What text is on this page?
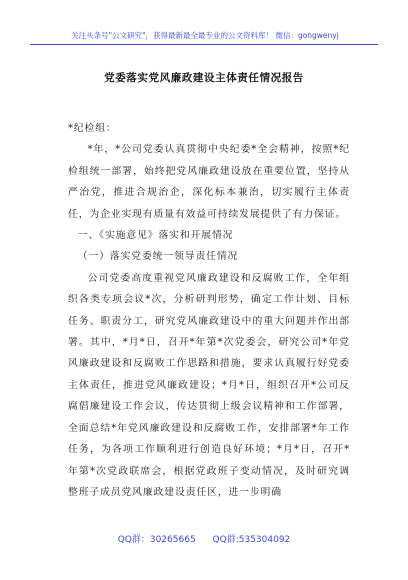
关注头条号"公文研究"，获得最新最全最专业的公文资料库！ 微信：gongwenyj
党委落实党风廉政建设主体责任情况报告

*纪检组：

*年，*公司党委认真贯彻中央纪委*全会精神，按照*纪检组统一部署，始终把党风廉政建设放在重要位置，坚持从严治党，推进合规治企，深化标本兼治，切实履行主体责任，为企业实现有质量有效益可持续发展提供了有力保证。

一、《实施意见》落实和开展情况

（一）落实党委统一领导责任情况

公司党委高度重视党风廉政建设和反腐败工作，全年组织各类专项会议*次，分析研判形势，确定工作计划、目标任务、职责分工，研究党风廉政建设中的重大问题并作出部署。其中，*月*日，召开*年第*次党委会，研究公司*年党风廉政建设和反腐败工作思路和措施，要求认真履行好党委主体责任，推进党风廉政建设；*月*日，组织召开*公司反腐倡廉建设工作会议，传达贯彻上级会议精神和工作部署，全面总结*年党风廉政建设和反腐败工作，安排部署*年工作任务，为各项工作顺利进行创造良好环境；*月*日，召开*年第*次党政联席会，根据党政班子变动情况，及时研究调整班子成员党风廉政建设责任区，进一步明确

QQ群：30265665 QQ群:535304092
